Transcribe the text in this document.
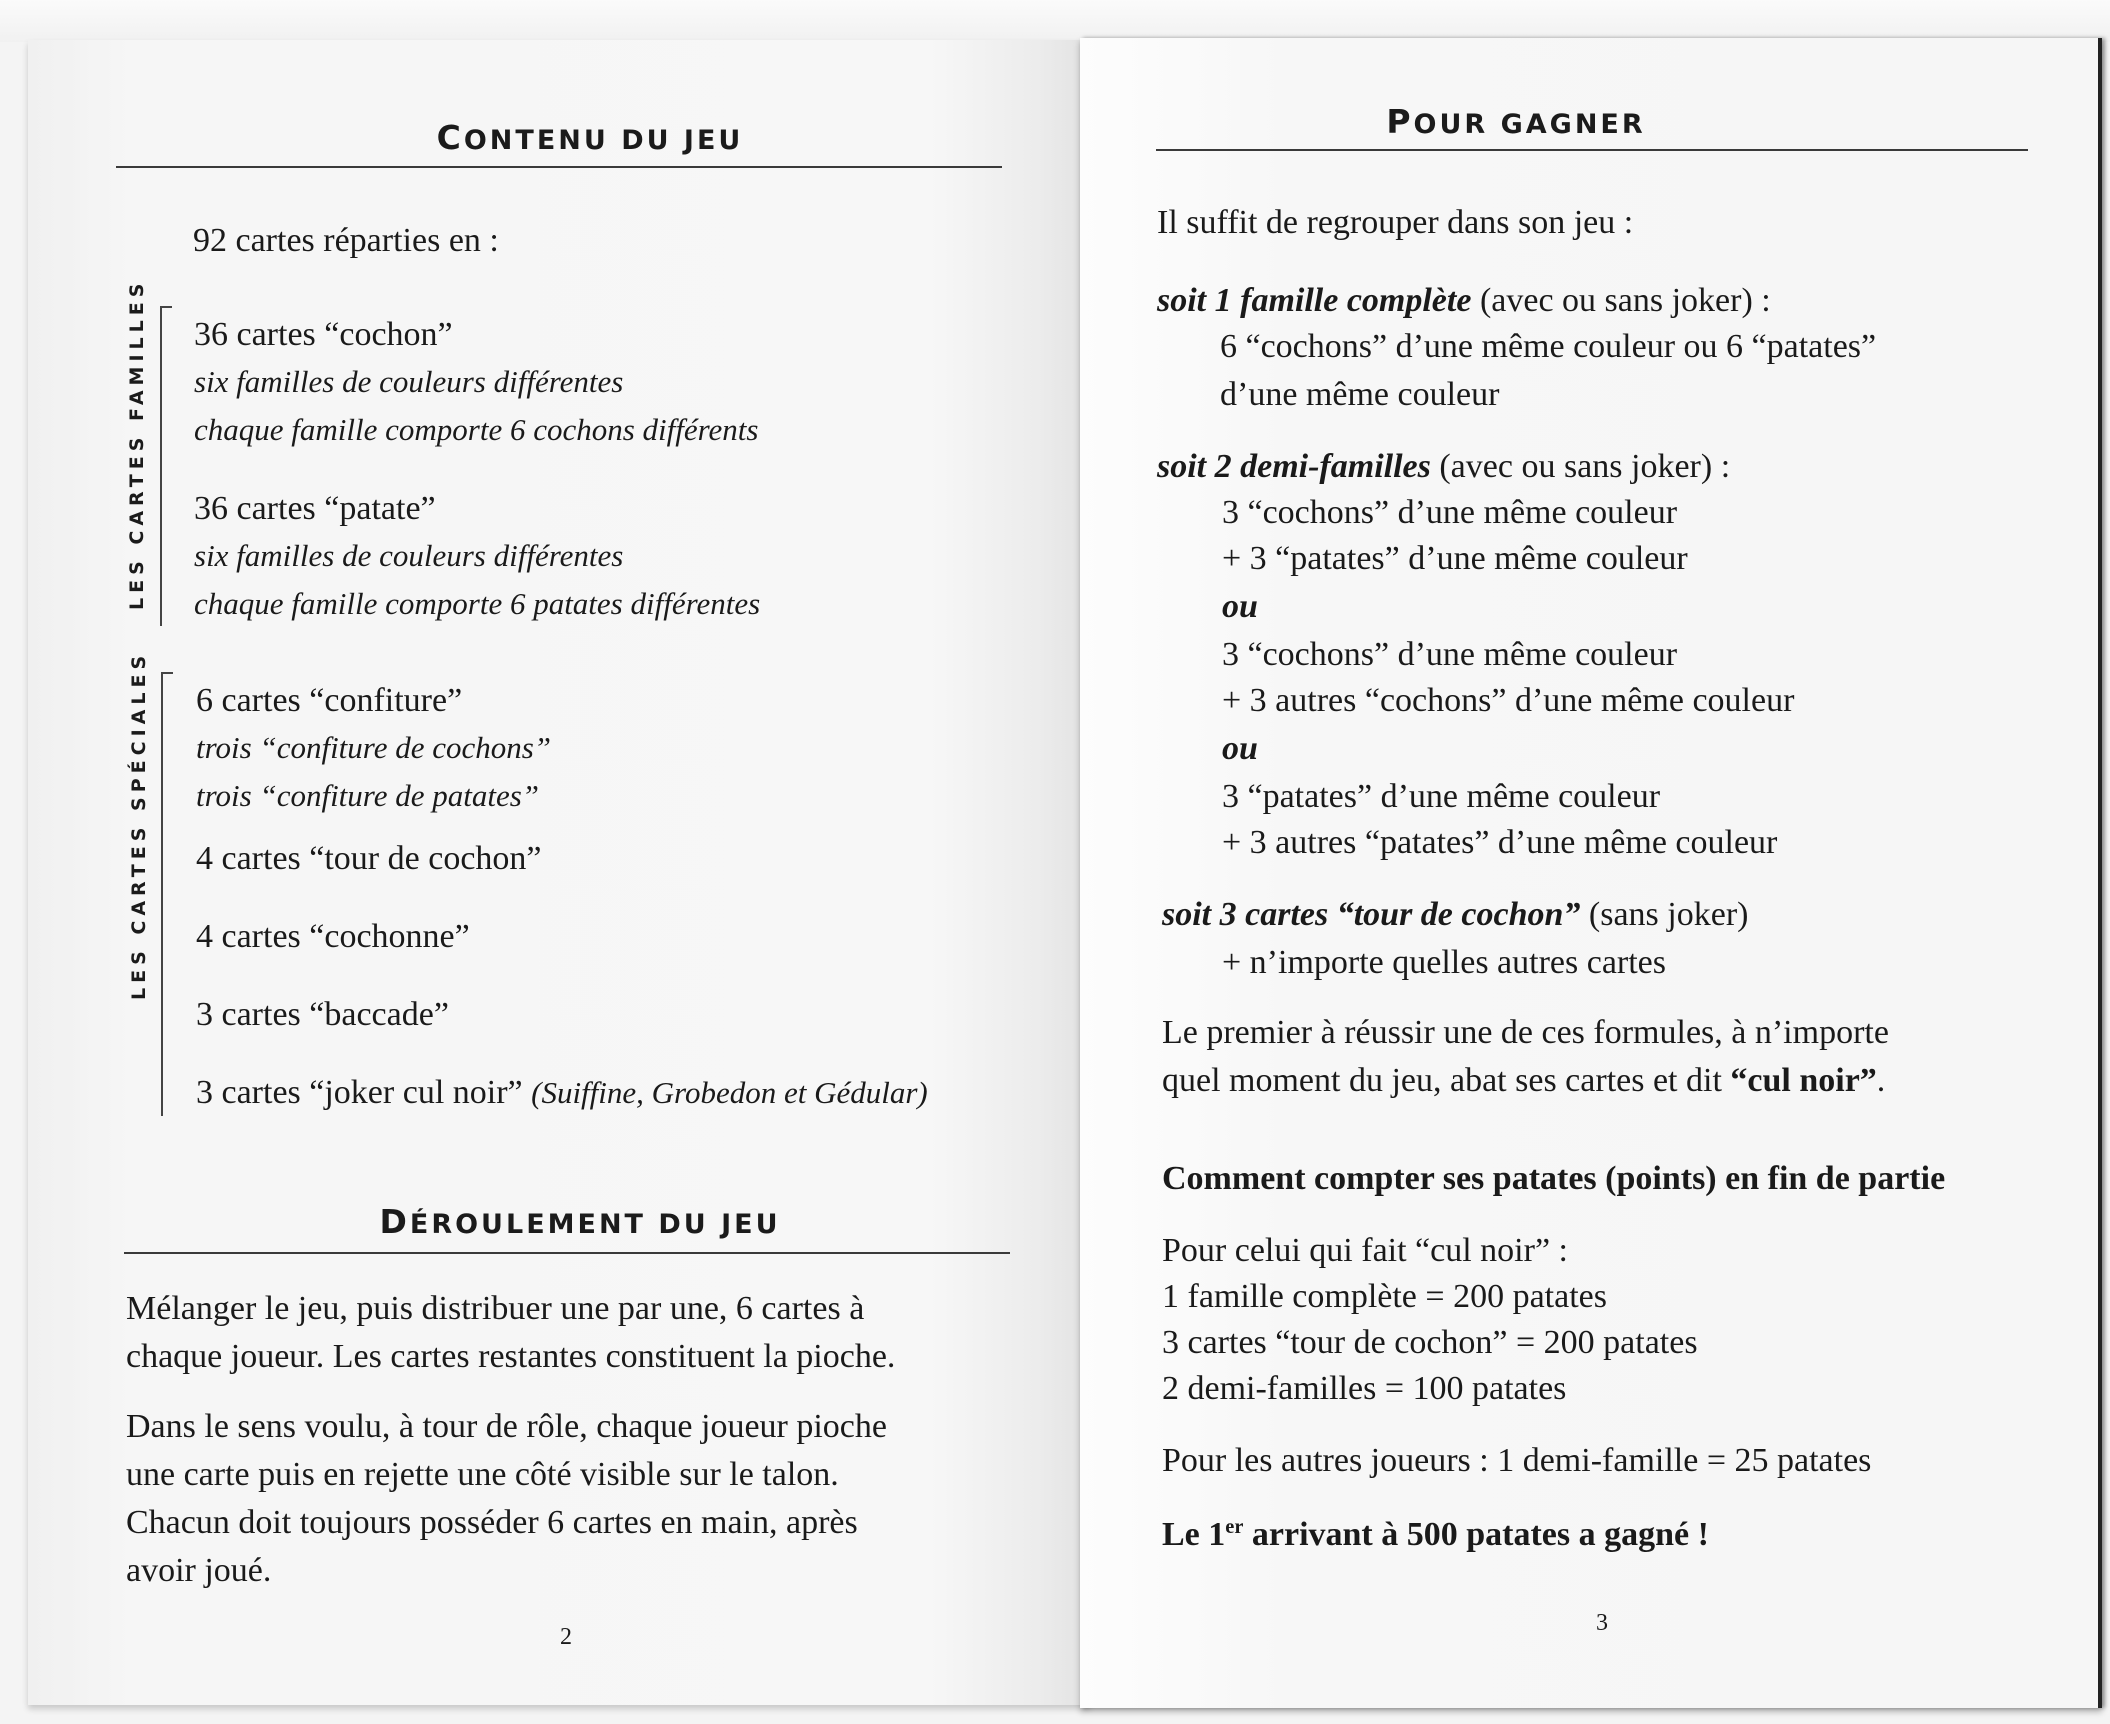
CONTENU DU JEU
92 cartes réparties en :
LES CARTES FAMILLES 36 cartes “cochon”
six familles de couleurs différentes
chaque famille comporte 6 cochons différents
36 cartes “patate”
six familles de couleurs différentes
chaque famille comporte 6 patates différentes
LES CARTES SPÉCIALES 6 cartes “confiture”
trois “confiture de cochons”
trois “confiture de patates”
4 cartes “tour de cochon”
4 cartes “cochonne”
3 cartes “baccade”
3 cartes “joker cul noir” (Suiffine, Grobedon et Gédular)
DÉROULEMENT DU JEU
Mélanger le jeu, puis distribuer une par une, 6 cartes à
chaque joueur. Les cartes restantes constituent la pioche.
Dans le sens voulu, à tour de rôle, chaque joueur pioche
une carte puis en rejette une côté visible sur le talon.
Chacun doit toujours posséder 6 cartes en main, après
avoir joué.
2
POUR GAGNER
Il suffit de regrouper dans son jeu :
soit 1 famille complète (avec ou sans joker) :
6 “cochons” d’une même couleur ou 6 “patates”
d’une même couleur
soit 2 demi-familles (avec ou sans joker) :
3 “cochons” d’une même couleur
+ 3 “patates” d’une même couleur
ou
3 “cochons” d’une même couleur
+ 3 autres “cochons” d’une même couleur
ou
3 “patates” d’une même couleur
+ 3 autres “patates” d’une même couleur
soit 3 cartes “tour de cochon” (sans joker)
+ n’importe quelles autres cartes
Le premier à réussir une de ces formules, à n’importe
quel moment du jeu, abat ses cartes et dit “cul noir”.
Comment compter ses patates (points) en fin de partie
Pour celui qui fait “cul noir” :
1 famille complète = 200 patates
3 cartes “tour de cochon” = 200 patates
2 demi-familles = 100 patates
Pour les autres joueurs : 1 demi-famille = 25 patates
Le 1er arrivant à 500 patates a gagné !
3
